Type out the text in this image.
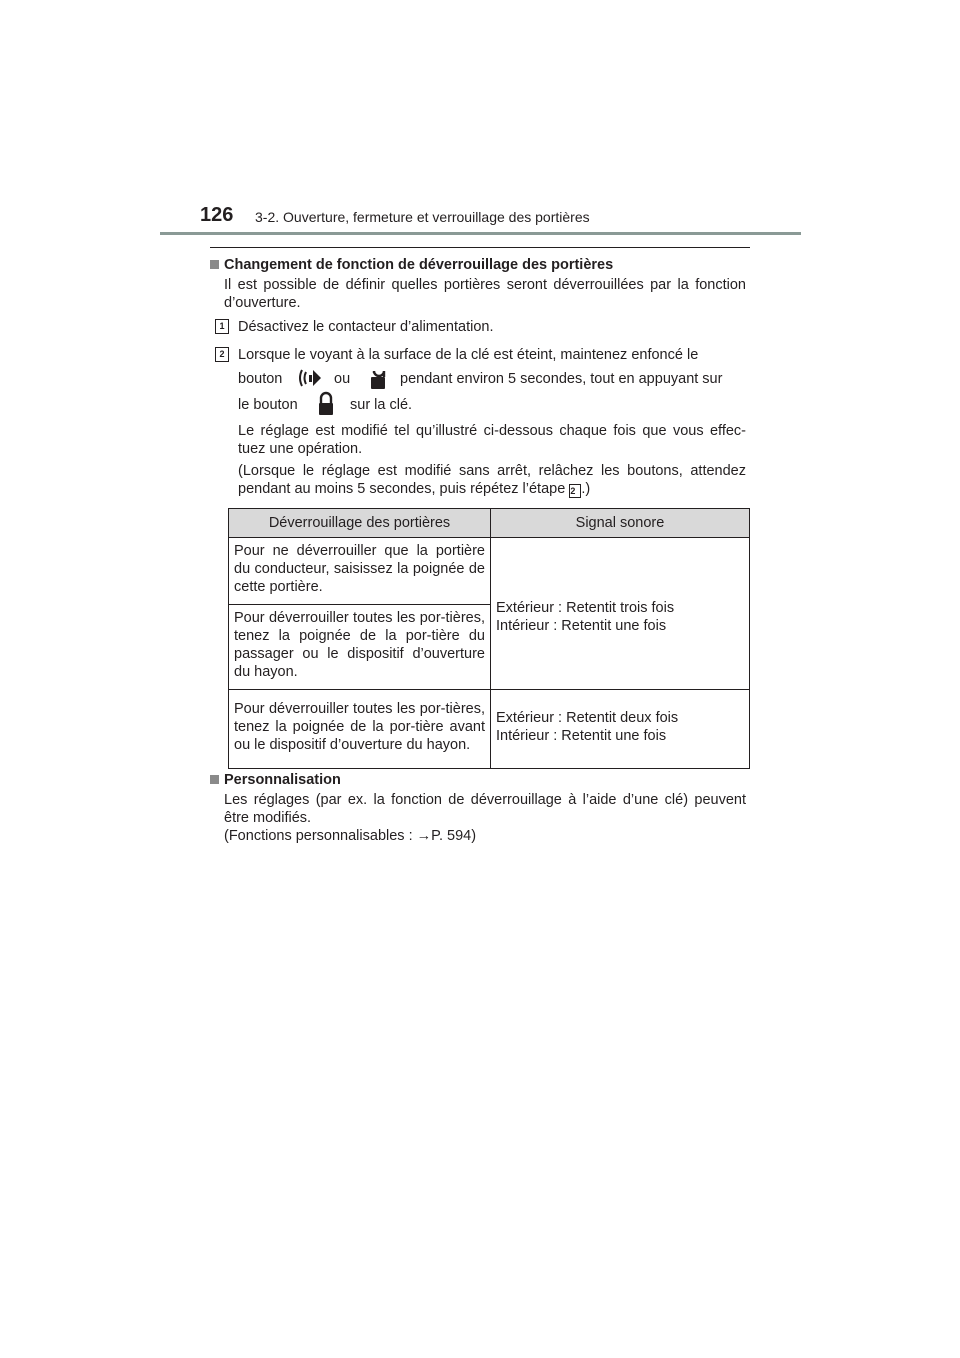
126 3-2. Ouverture, fermeture et verrouillage des portières
Changement de fonction de déverrouillage des portières
Il est possible de définir quelles portières seront déverrouillées par la fonction d’ouverture.
1 Désactivez le contacteur d’alimentation.
2 Lorsque le voyant à la surface de la clé est éteint, maintenez enfoncé le
bouton	ou	pendant environ 5 secondes, tout en appuyant sur
le bouton	sur la clé.
Le réglage est modifié tel qu’illustré ci-dessous chaque fois que vous effec-tuez une opération.
(Lorsque le réglage est modifié sans arrêt, relâchez les boutons, attendez pendant au moins 5 secondes, puis répétez l’étape 2 .)
Déverrouillage des portières	Signal sonore
Pour ne déverrouiller que la portière du conducteur, saisissez la poignée de cette portière.	Extérieur : Retentit trois fois
Intérieur : Retentit une fois
Pour déverrouiller toutes les por-tières, tenez la poignée de la por-tière du passager ou le dispositif d’ouverture du hayon.	
Pour déverrouiller toutes les por-tières, tenez la poignée de la por-tière avant ou le dispositif d’ouverture du hayon.	Extérieur : Retentit deux fois
Intérieur : Retentit une fois
Personnalisation
Les réglages (par ex. la fonction de déverrouillage à l’aide d’une clé) peuvent être modifiés.
(Fonctions personnalisables : →P. 594)
